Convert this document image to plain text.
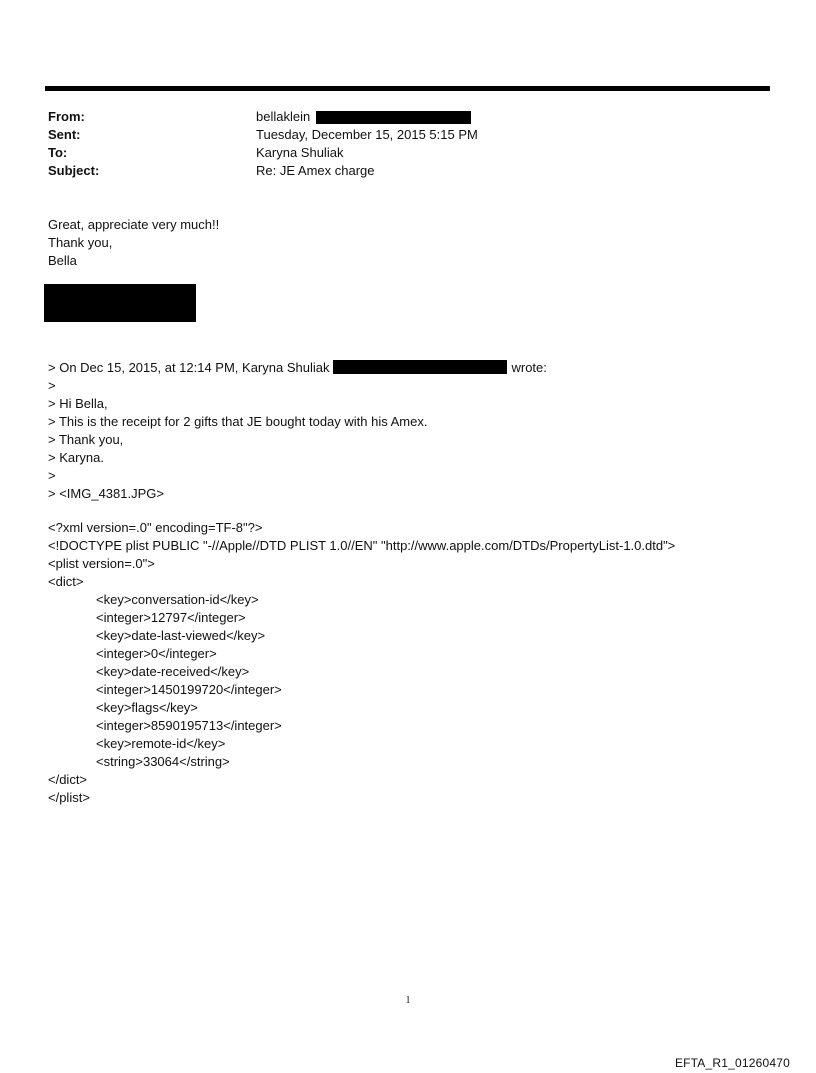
From:	bellaklein
Sent:	Tuesday, December 15, 2015 5:15 PM
To:	Karyna Shuliak
Subject:	Re: JE Amex charge
Great, appreciate very much!!
Thank you,
Bella
> On Dec 15, 2015, at 12:14 PM, Karyna Shuliak	wrote:
>
> Hi Bella,
> This is the receipt for 2 gifts that JE bought today with his Amex.
> Thank you,
> Karyna.
>
> <IMG_4381.JPG>
<?xml version=.0" encoding=TF-8"?>
<!DOCTYPE plist PUBLIC "-//Apple//DTD PLIST 1.0//EN" "http://www.apple.com/DTDs/PropertyList-1.0.dtd">
<plist version=.0">
<dict>
<key>conversation-id</key>
<integer>12797</integer>
<key>date-last-viewed</key>
<integer>0</integer>
<key>date-received</key>
<integer>1450199720</integer>
<key>flags</key>
<integer>8590195713</integer>
<key>remote-id</key>
<string>33064</string>
</dict>
</plist>
1
EFTA_R1_01260470
